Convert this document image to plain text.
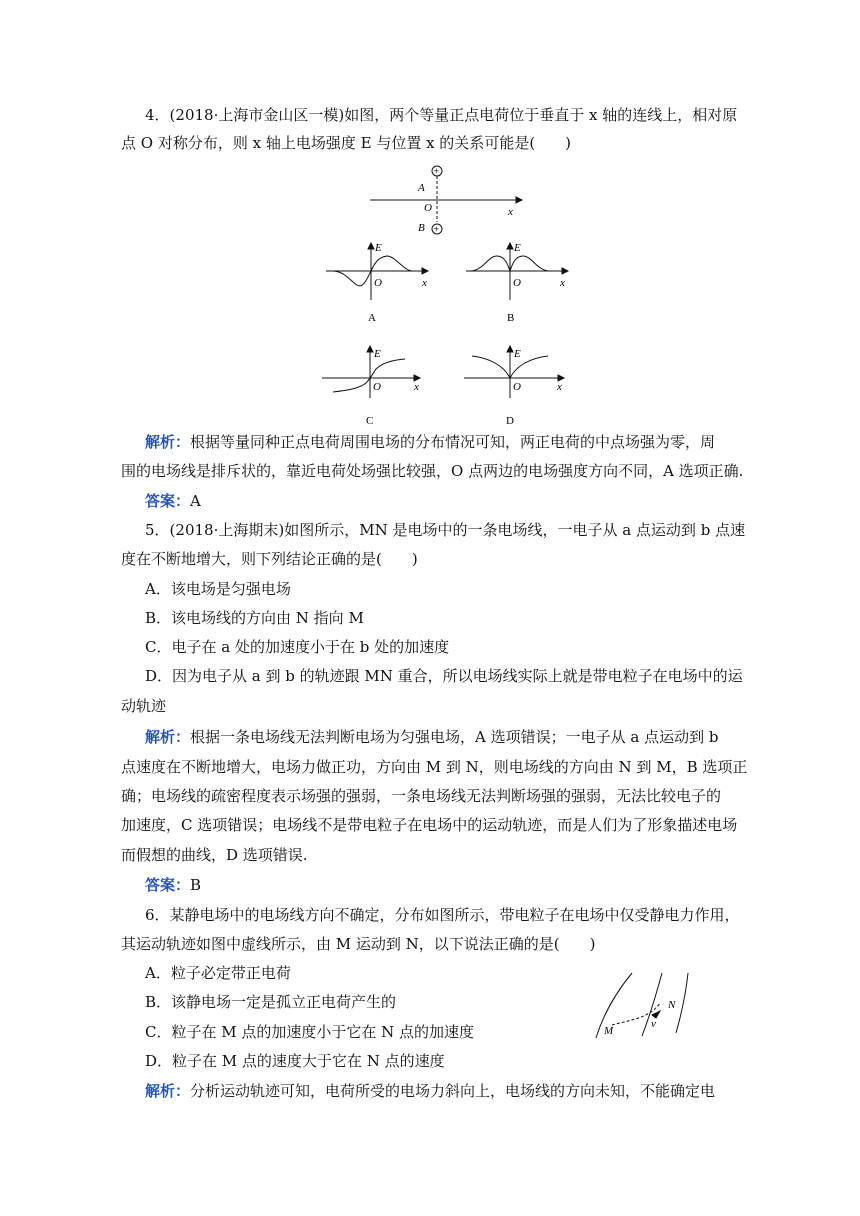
4．(2018·上海市金山区一模)如图，两个等量正点电荷位于垂直于 x 轴的连线上，相对原
点 O 对称分布，则 x 轴上电场强度 E 与位置 x 的关系可能是(　　)
+
+
A
O	x
B
E
O	x
A
E
O	x
B
E
O	x
C
E
O	x
D
解析：根据等量同种正点电荷周围电场的分布情况可知，两正电荷的中点场强为零，周
围的电场线是排斥状的，靠近电荷处场强比较强，O 点两边的电场强度方向不同，A 选项正确.
答案：A
5．(2018·上海期末)如图所示，MN 是电场中的一条电场线，一电子从 a 点运动到 b 点速
度在不断地增大，则下列结论正确的是(　　)
A．该电场是匀强电场
B．该电场线的方向由 N 指向 M
C．电子在 a 处的加速度小于在 b 处的加速度
D．因为电子从 a 到 b 的轨迹跟 MN 重合，所以电场线实际上就是带电粒子在电场中的运
动轨迹
解析：根据一条电场线无法判断电场为匀强电场，A 选项错误；一电子从 a 点运动到 b
点速度在不断地增大，电场力做正功，方向由 M 到 N，则电场线的方向由 N 到 M，B 选项正
确；电场线的疏密程度表示场强的强弱，一条电场线无法判断场强的强弱，无法比较电子的
加速度，C 选项错误；电场线不是带电粒子在电场中的运动轨迹，而是人们为了形象描述电场
而假想的曲线，D 选项错误.
答案：B
6．某静电场中的电场线方向不确定，分布如图所示，带电粒子在电场中仅受静电力作用，
其运动轨迹如图中虚线所示，由 M 运动到 N，以下说法正确的是(　　)
A．粒子必定带正电荷
B．该静电场一定是孤立正电荷产生的
C．粒子在 M 点的加速度小于它在 N 点的加速度
D．粒子在 M 点的速度大于它在 N 点的速度
M
N
v
解析：分析运动轨迹可知，电荷所受的电场力斜向上，电场线的方向未知，不能确定电
